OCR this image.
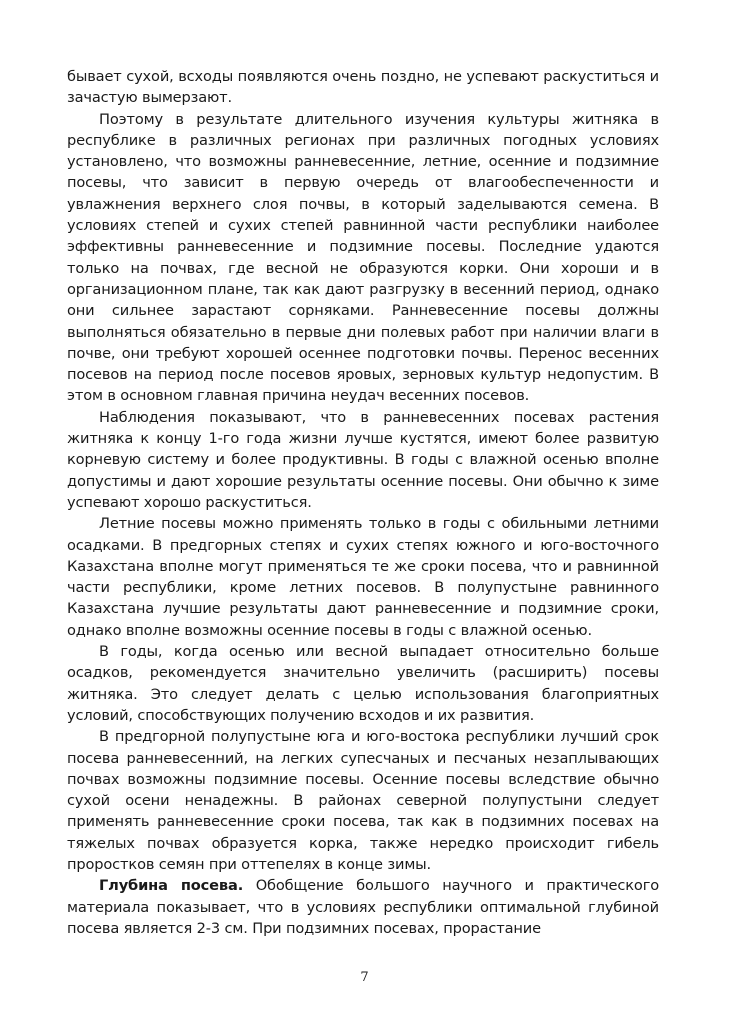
бывает сухой, всходы появляются очень поздно, не успевают раскуститься и зачастую вымерзают.

Поэтому в результате длительного изучения культуры житняка в республике в различных регионах при различных погодных условиях установлено, что возможны ранневесенние, летние, осенние и подзимние посевы, что зависит в первую очередь от влагообеспеченности и увлажнения верхнего слоя почвы, в который заделываются семена. В условиях степей и сухих степей равнинной части республики наиболее эффективны ранневесенние и подзимние посевы. Последние удаются только на почвах, где весной не образуются корки. Они хороши и в организационном плане, так как дают разгрузку в весенний период, однако они сильнее зарастают сорняками. Ранневесенние посевы должны выполняться обязательно в первые дни полевых работ при наличии влаги в почве, они требуют хорошей осеннее подготовки почвы. Перенос весенних посевов на период после посевов яровых, зерновых культур недопустим. В этом в основном главная причина неудач весенних посевов.

Наблюдения показывают, что в ранневесенних посевах растения житняка к концу 1-го года жизни лучше кустятся, имеют более развитую корневую систему и более продуктивны. В годы с влажной осенью вполне допустимы и дают хорошие результаты осенние посевы. Они обычно к зиме успевают хорошо раскуститься.

Летние посевы можно применять только в годы с обильными летними осадками. В предгорных степях и сухих степях южного и юго-восточного Казахстана вполне могут применяться те же сроки посева, что и равнинной части республики, кроме летних посевов. В полупустыне равнинного Казахстана лучшие результаты дают ранневесенние и подзимние сроки, однако вполне возможны осенние посевы в годы с влажной осенью.

В годы, когда осенью или весной выпадает относительно больше осадков, рекомендуется значительно увеличить (расширить) посевы житняка. Это следует делать с целью использования благоприятных условий, способствующих получению всходов и их развития.

В предгорной полупустыне юга и юго-востока республики лучший срок посева ранневесенний, на легких супесчаных и песчаных незаплывающих почвах возможны подзимние посевы. Осенние посевы вследствие обычно сухой осени ненадежны. В районах северной полупустыни следует применять ранневесенние сроки посева, так как в подзимних посевах на тяжелых почвах образуется корка, также нередко происходит гибель проростков семян при оттепелях в конце зимы.

Глубина посева. Обобщение большого научного и практического материала показывает, что в условиях республики оптимальной глубиной посева является 2-3 см. При подзимних посевах, прорастание

7
